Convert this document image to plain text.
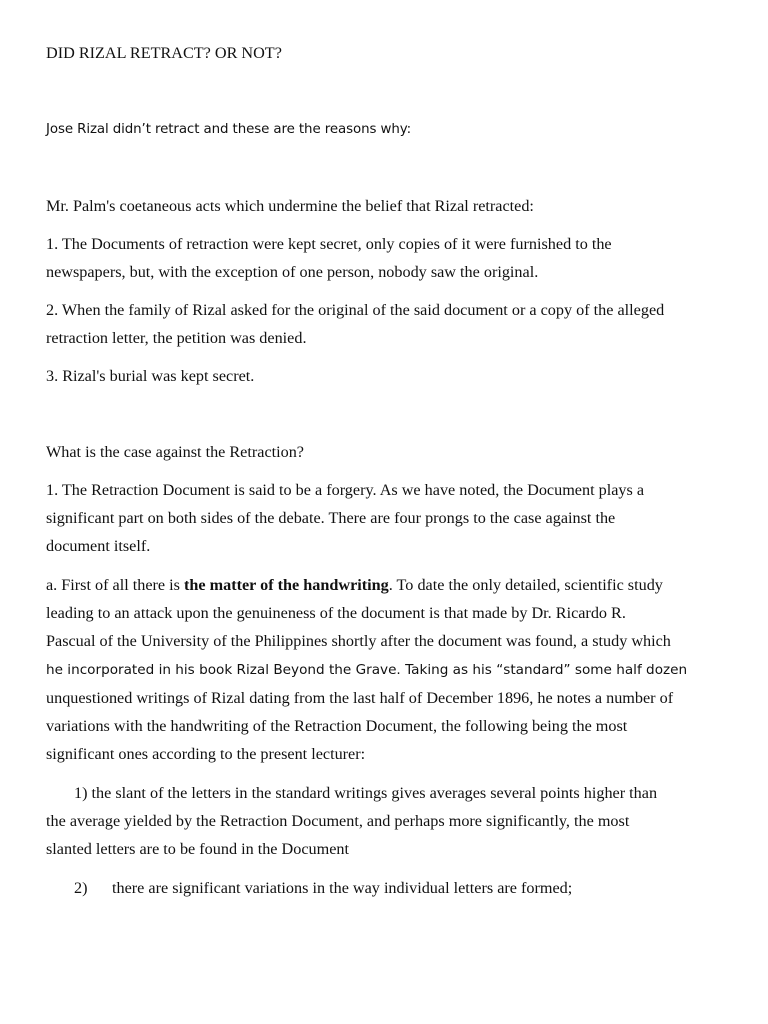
DID RIZAL RETRACT? OR NOT?
Jose Rizal didn’t retract and these are the reasons why:
Mr. Palm's coetaneous acts which undermine the belief that Rizal retracted:
1. The Documents of retraction were kept secret, only copies of it were furnished to the
newspapers, but, with the exception of one person, nobody saw the original.
2. When the family of Rizal asked for the original of the said document or a copy of the alleged
retraction letter, the petition was denied.
3. Rizal's burial was kept secret.
What is the case against the Retraction?
1. The Retraction Document is said to be a forgery. As we have noted, the Document plays a
significant part on both sides of the debate. There are four prongs to the case against the
document itself.
a. First of all there is the matter of the handwriting. To date the only detailed, scientific study
leading to an attack upon the genuineness of the document is that made by Dr. Ricardo R.
Pascual of the University of the Philippines shortly after the document was found, a study which
he incorporated in his book Rizal Beyond the Grave. Taking as his “standard” some half dozen
unquestioned writings of Rizal dating from the last half of December 1896, he notes a number of
variations with the handwriting of the Retraction Document, the following being the most
significant ones according to the present lecturer:
1) the slant of the letters in the standard writings gives averages several points higher than
the average yielded by the Retraction Document, and perhaps more significantly, the most
slanted letters are to be found in the Document
2) there are significant variations in the way individual letters are formed;
